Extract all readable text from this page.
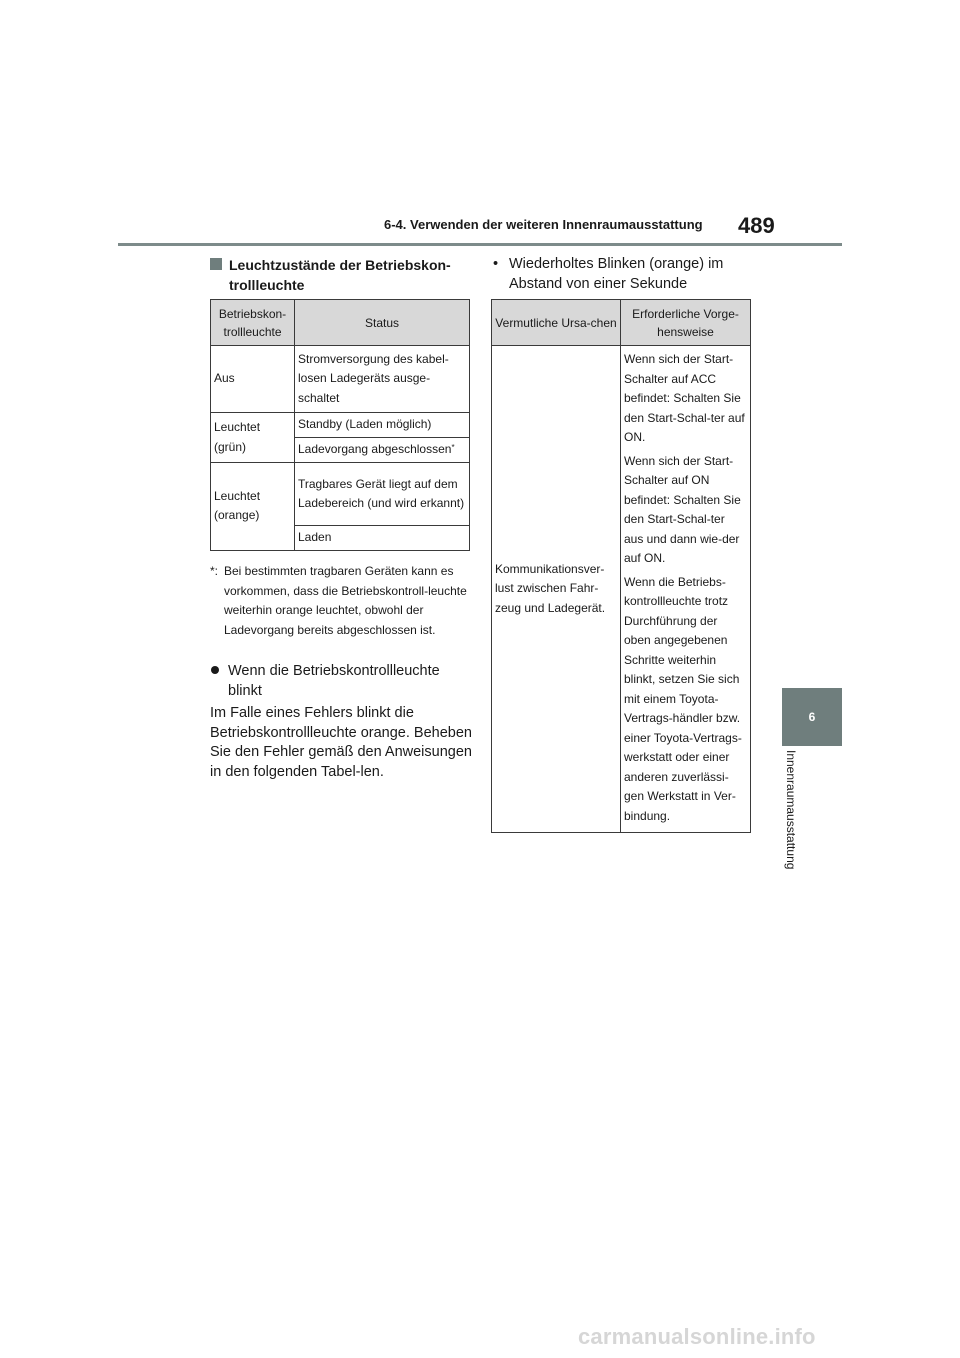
6-4. Verwenden der weiteren Innenraumausstattung 489
6
Innenraumausstattung
Leuchtzustände der Betriebskon-trollleuchte
Betriebskon-trollleuchte	Status
Aus	Stromversorgung des kabel-losen Ladegeräts ausge-schaltet
Leuchtet (grün)	Standby (Laden möglich)
	Ladevorgang abgeschlossen*
Leuchtet (orange)	Tragbares Gerät liegt auf dem Ladebereich (und wird erkannt)
	Laden
*: Bei bestimmten tragbaren Geräten kann es vorkommen, dass die Betriebskontroll-leuchte weiterhin orange leuchtet, obwohl der Ladevorgang bereits abgeschlossen ist.
Wenn die Betriebskontrollleuchte blinkt
Im Falle eines Fehlers blinkt die Betriebskontrollleuchte orange. Beheben Sie den Fehler gemäß den Anweisungen in den folgenden Tabel-len.
• Wiederholtes Blinken (orange) im Abstand von einer Sekunde
Vermutliche Ursa-chen	Erforderliche Vorge-hensweise
Kommunikationsver-lust zwischen Fahr-zeug und Ladegerät.	Wenn sich der Start-Schalter auf ACC befindet: Schalten Sie den Start-Schal-ter auf ON.

Wenn sich der Start-Schalter auf ON befindet: Schalten Sie den Start-Schal-ter aus und dann wie-der auf ON.

Wenn die Betriebs-kontrollleuchte trotz Durchführung der oben angegebenen Schritte weiterhin blinkt, setzen Sie sich mit einem Toyota-Vertrags-händler bzw. einer Toyota-Vertrags-werkstatt oder einer anderen zuverlässi-gen Werkstatt in Ver-bindung.

carmanualsonline.info
